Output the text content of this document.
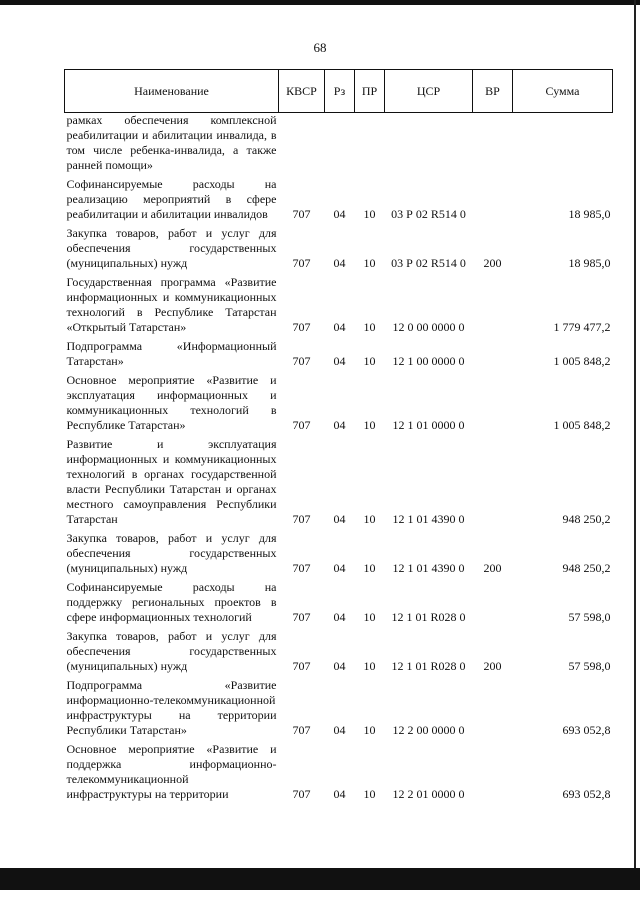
68
Наименование	КВСР	Рз	ПР	ЦСР	ВР	Сумма
рамках обеспечения комплексной реабилитации и абилитации инвалида, в том числе ребенка-инвалида, а также ранней помощи»						
Софинансируемые расходы на реализацию мероприятий в сфере реабилитации и абилитации инвалидов	707	04	10	03 Р 02 R514 0		18 985,0
Закупка товаров, работ и услуг для обеспечения государственных (муниципальных) нужд	707	04	10	03 Р 02 R514 0	200	18 985,0
Государственная программа «Развитие информационных и коммуникационных технологий в Республике Татарстан «Открытый Татарстан»	707	04	10	12 0 00 0000 0		1 779 477,2
Подпрограмма «Информационный Татарстан»	707	04	10	12 1 00 0000 0		1 005 848,2
Основное мероприятие «Развитие и эксплуатация информационных и коммуникационных технологий в Республике Татарстан»	707	04	10	12 1 01 0000 0		1 005 848,2
Развитие и эксплуатация информационных и коммуникационных технологий в органах государственной власти Республики Татарстан и органах местного самоуправления Республики Татарстан	707	04	10	12 1 01 4390 0		948 250,2
Закупка товаров, работ и услуг для обеспечения государственных (муниципальных) нужд	707	04	10	12 1 01 4390 0	200	948 250,2
Софинансируемые расходы на поддержку региональных проектов в сфере информационных технологий	707	04	10	12 1 01 R028 0		57 598,0
Закупка товаров, работ и услуг для обеспечения государственных (муниципальных) нужд	707	04	10	12 1 01 R028 0	200	57 598,0
Подпрограмма «Развитие информационно-телекоммуникационной инфраструктуры на территории Республики Татарстан»	707	04	10	12 2 00 0000 0		693 052,8
Основное мероприятие «Развитие и поддержка информационно-телекоммуникационной инфраструктуры на территории	707	04	10	12 2 01 0000 0		693 052,8
